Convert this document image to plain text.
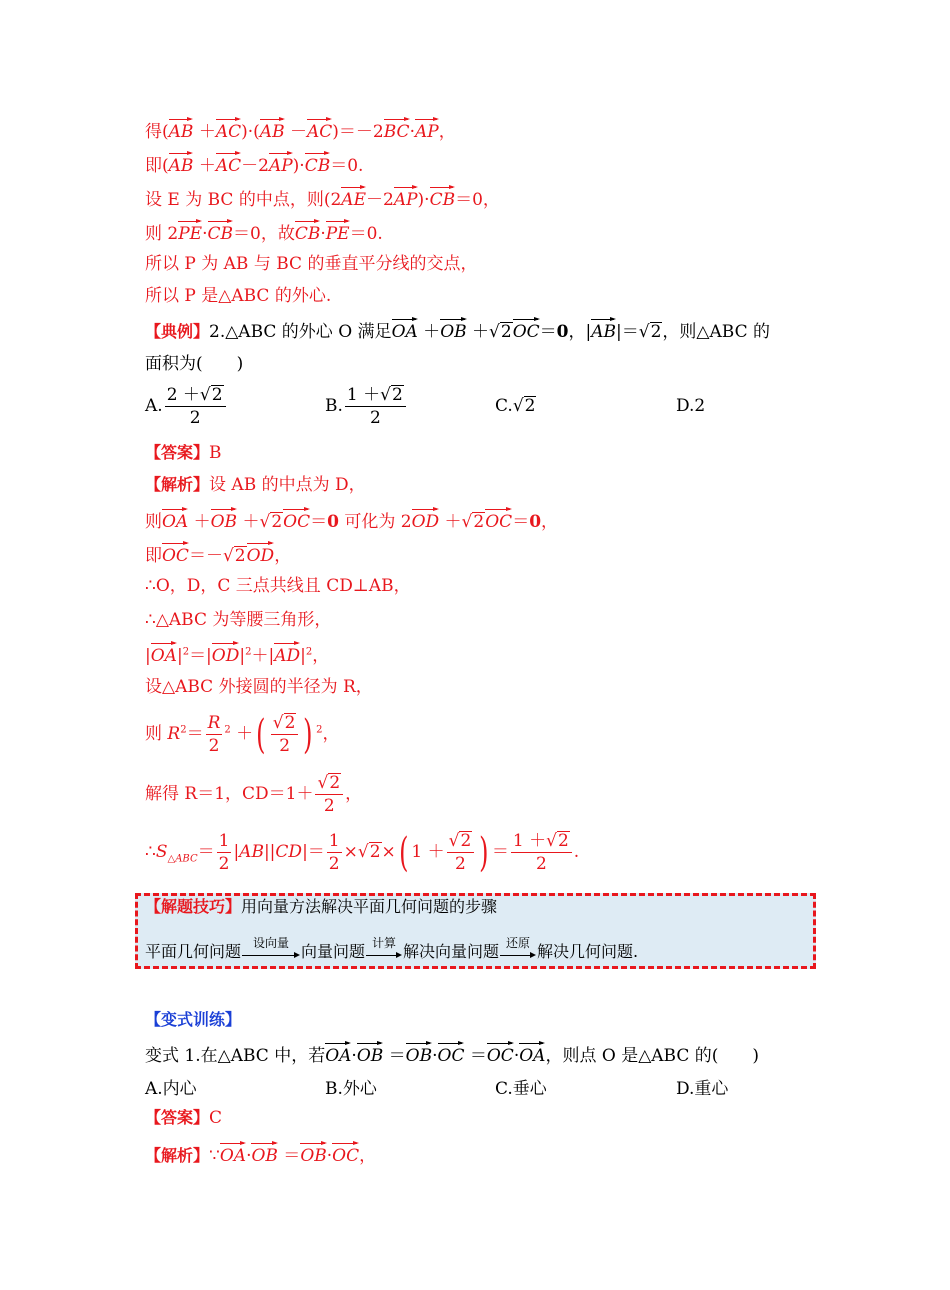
得(AB ＋AC)·(AB －AC)＝－2BC·AP，
即(AB ＋AC－2AP)·CB＝0.
设 E 为 BC 的中点，则(2AE－2AP)·CB＝0，
则 2PE·CB＝0，故CB·PE＝0.
所以 P 为 AB 与 BC 的垂直平分线的交点，
所以 P 是△ABC 的外心.
【典例】2.△ABC 的外心 O 满足OA ＋OB ＋√2OC＝0，|AB|＝√2，则△ABC 的
面积为(　　)
A. $\frac{2 +√2}{2}$	B. $\frac{1 +√2}{2}$	C.√2	D.2
【答案】B
【解析】设 AB 的中点为 D，
则OA ＋OB ＋√2OC＝0 可化为 2OD ＋√2OC＝0，
即OC＝－√2OD，
∴O，D，C 三点共线且 CD⊥AB，
∴△ABC 为等腰三角形，
$|OA|^2=|OD|^2+|AD|^2$，
设△ABC 外接圆的半径为 R，
则 $R^2= \frac{R}{2} ^2$ ＋( $\frac{√2}{2}$ ) $^2$，
解得 R＝1，$CD=1+ \frac{√2}{2}$ ，
$\therefore S_{\triangle ABC}= \frac{1}{2} |AB||CD|= \frac{1}{2} \times√2\times$( $1 + \frac{√2}{2}$ ) ＝ $\frac{1 +√2}{2}$ .
【解题技巧】用向量方法解决平面几何问题的步骤
平面几何问题 设向量 向量问题 计算 解决向量问题 还原 解决几何问题.
【变式训练】
变式 1.在△ABC 中，若OA·OB ＝OB·OC ＝OC·OA，则点 O 是△ABC 的(　　)
A.内心	B.外心	C.垂心	D.重心
【答案】C
【解析】∵OA·OB ＝OB·OC，
